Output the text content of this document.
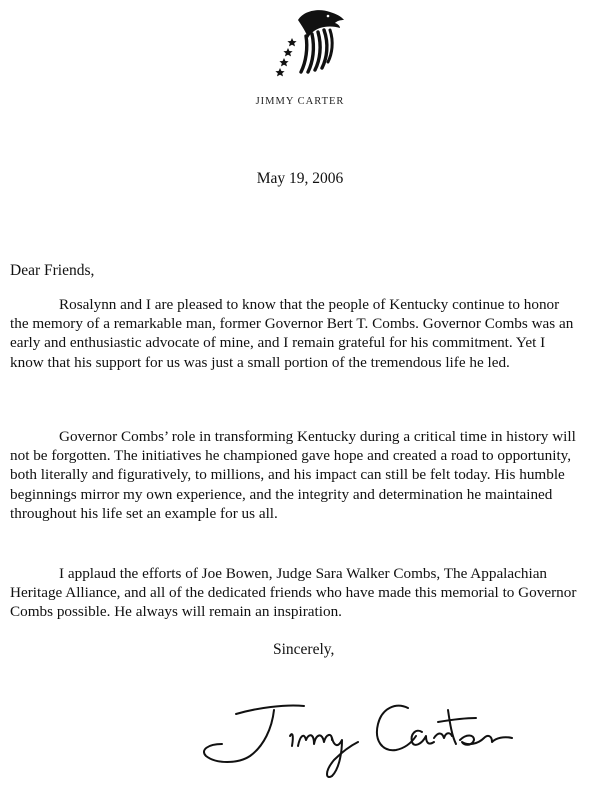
JIMMY CARTER
May 19, 2006
Dear Friends,

Rosalynn and I are pleased to know that the people of Kentucky continue to honor the memory of a remarkable man, former Governor Bert T. Combs. Governor Combs was an early and enthusiastic advocate of mine, and I remain grateful for his commitment. Yet I know that his support for us was just a small portion of the tremendous life he led.

Governor Combs’ role in transforming Kentucky during a critical time in history will not be forgotten. The initiatives he championed gave hope and created a road to opportunity, both literally and figuratively, to millions, and his impact can still be felt today. His humble beginnings mirror my own experience, and the integrity and determination he maintained throughout his life set an example for us all.

I applaud the efforts of Joe Bowen, Judge Sara Walker Combs, The Appalachian Heritage Alliance, and all of the dedicated friends who have made this memorial to Governor Combs possible. He always will remain an inspiration.

Sincerely,
